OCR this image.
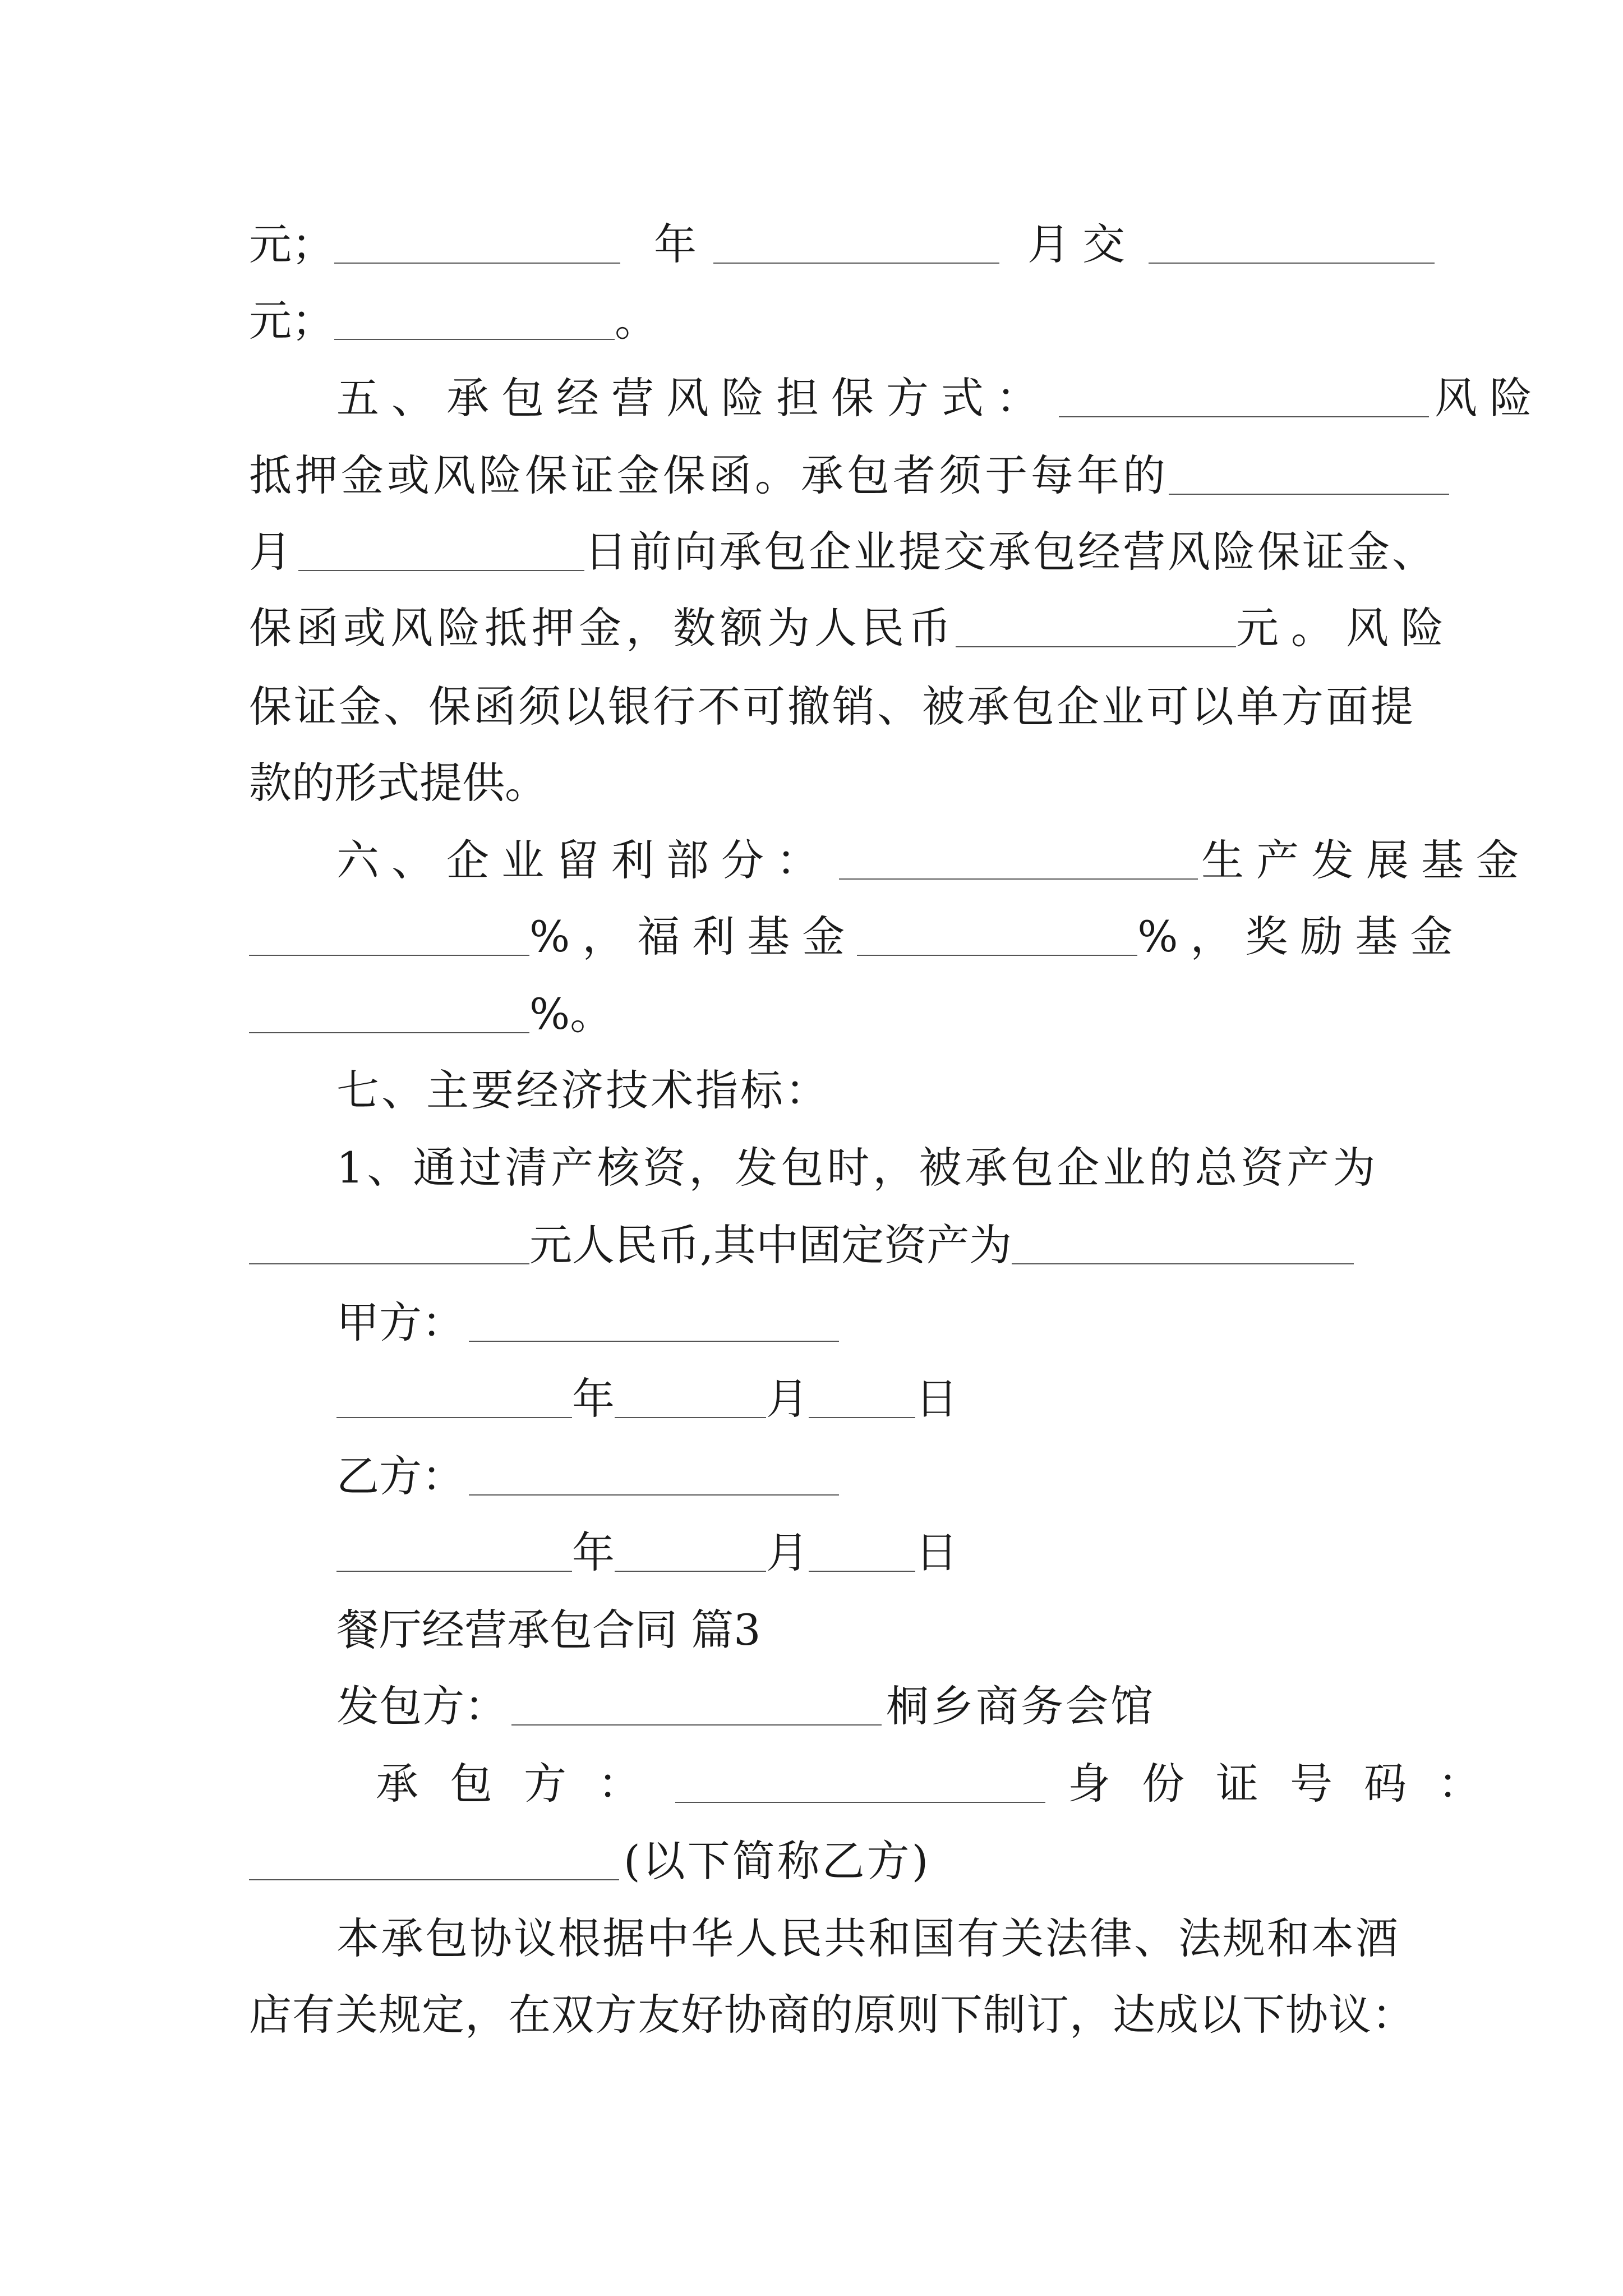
元；	年	月交
元；	。
五、承包经营风险担保方式：	风险
抵押金或风险保证金保函。承包者须于每年的
月	日前向承包企业提交承包经营风险保证金、
保函或风险抵押金，数额为人民币	元。风险
保证金、保函须以银行不可撤销、被承包企业可以单方面提
款的形式提供。
六、企业留利部分：	生产发展基金
%，福利基金	%，奖励基金
%。
七、主要经济技术指标：
1、通过清产核资，发包时，被承包企业的总资产为
元人民币,其中固定资产为
甲方：
年	月	日
乙方：
年	月	日
餐厅经营承包合同 篇3
发包方：	桐乡商务会馆
承包方：	身份证号码：
(以下简称乙方)
本承包协议根据中华人民共和国有关法律、法规和本酒
店有关规定，在双方友好协商的原则下制订，达成以下协议：
